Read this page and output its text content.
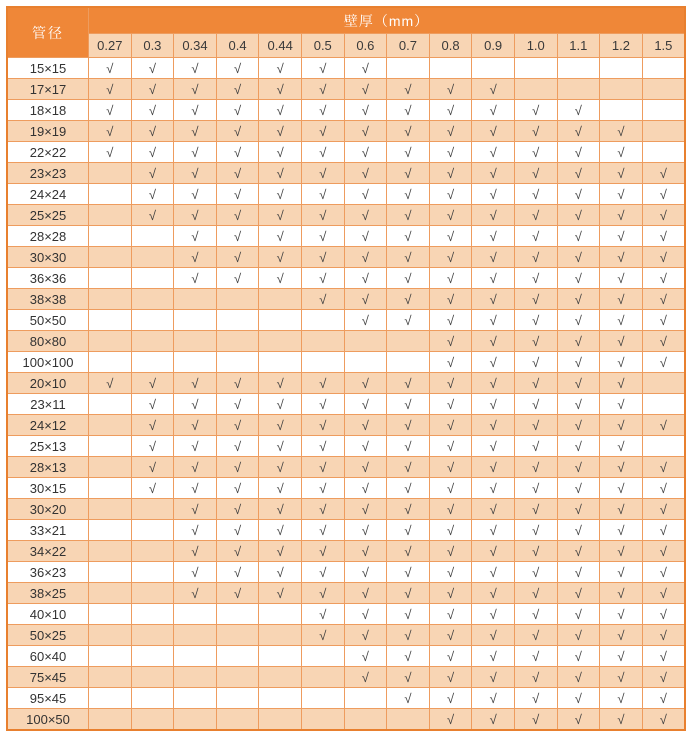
管径	壁厚（mm）													
	0.27	0.3	0.34	0.4	0.44	0.5	0.6	0.7	0.8	0.9	1.0	1.1	1.2	1.5
15×15	√	√	√	√	√	√	√							
17×17	√	√	√	√	√	√	√	√	√	√				
18×18	√	√	√	√	√	√	√	√	√	√	√	√		
19×19	√	√	√	√	√	√	√	√	√	√	√	√	√	
22×22	√	√	√	√	√	√	√	√	√	√	√	√	√	
23×23		√	√	√	√	√	√	√	√	√	√	√	√	√
24×24		√	√	√	√	√	√	√	√	√	√	√	√	√
25×25		√	√	√	√	√	√	√	√	√	√	√	√	√
28×28			√	√	√	√	√	√	√	√	√	√	√	√
30×30			√	√	√	√	√	√	√	√	√	√	√	√
36×36			√	√	√	√	√	√	√	√	√	√	√	√
38×38						√	√	√	√	√	√	√	√	√
50×50							√	√	√	√	√	√	√	√
80×80									√	√	√	√	√	√
100×100									√	√	√	√	√	√
20×10	√	√	√	√	√	√	√	√	√	√	√	√	√	
23×11		√	√	√	√	√	√	√	√	√	√	√	√	
24×12		√	√	√	√	√	√	√	√	√	√	√	√	√
25×13		√	√	√	√	√	√	√	√	√	√	√	√	
28×13		√	√	√	√	√	√	√	√	√	√	√	√	√
30×15		√	√	√	√	√	√	√	√	√	√	√	√	√
30×20			√	√	√	√	√	√	√	√	√	√	√	√
33×21			√	√	√	√	√	√	√	√	√	√	√	√
34×22			√	√	√	√	√	√	√	√	√	√	√	√
36×23			√	√	√	√	√	√	√	√	√	√	√	√
38×25			√	√	√	√	√	√	√	√	√	√	√	√
40×10						√	√	√	√	√	√	√	√	√
50×25						√	√	√	√	√	√	√	√	√
60×40							√	√	√	√	√	√	√	√
75×45							√	√	√	√	√	√	√	√
95×45								√	√	√	√	√	√	√
100×50									√	√	√	√	√	√
